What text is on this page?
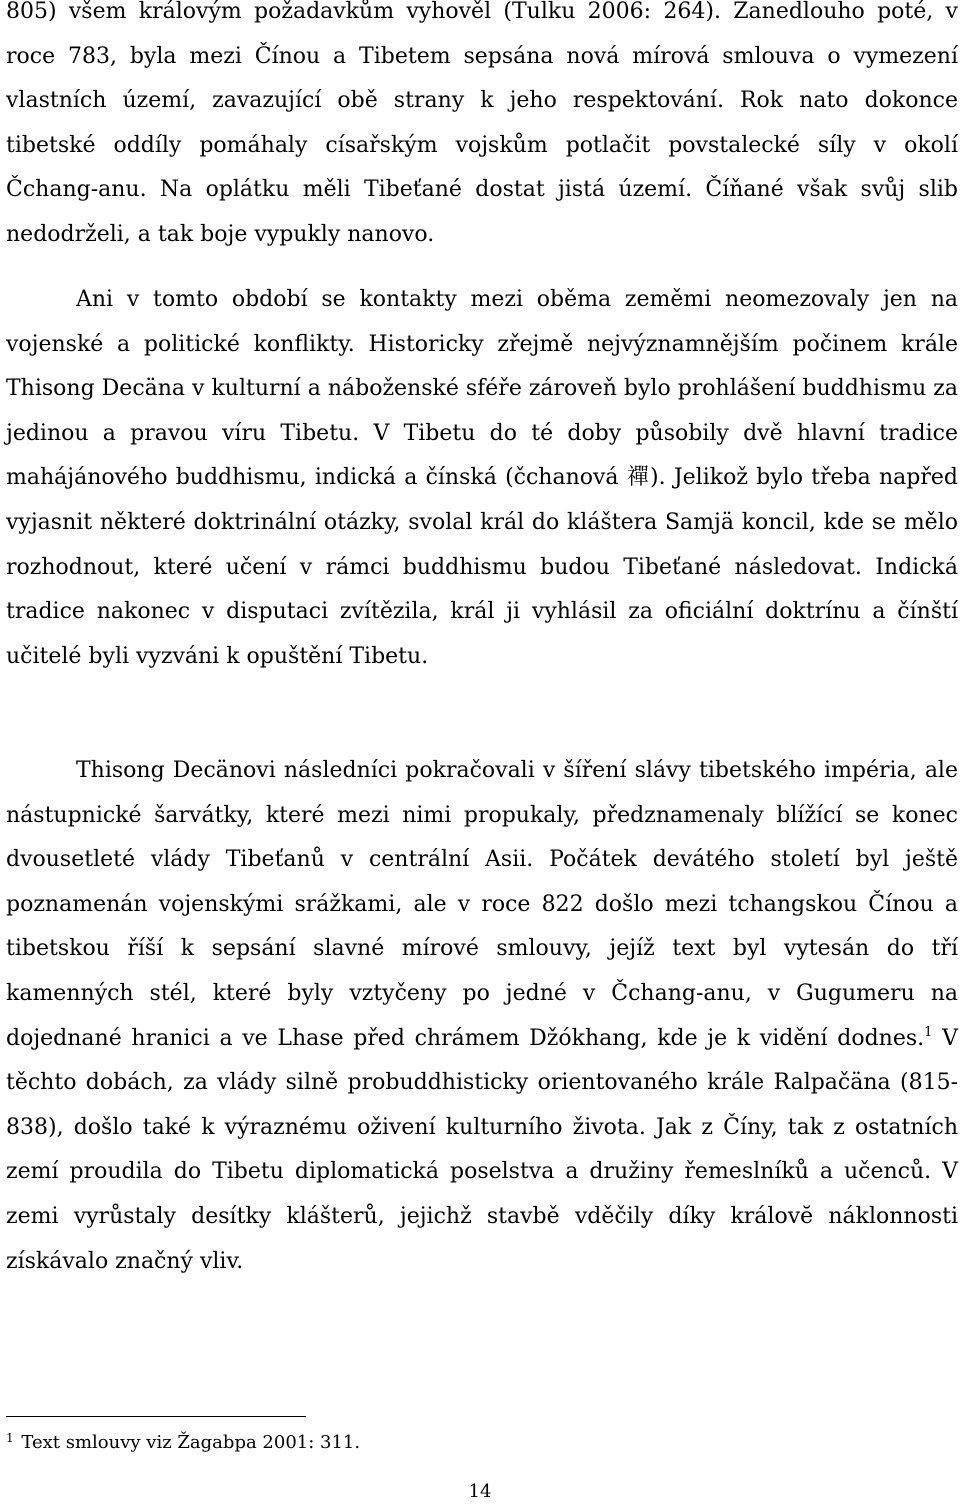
805) všem královým požadavkům vyhověl (Tulku 2006: 264). Zanedlouho poté, v roce 783, byla mezi Čínou a Tibetem sepsána nová mírová smlouva o vymezení vlastních území, zavazující obě strany k jeho respektování. Rok nato dokonce tibetské oddíly pomáhaly císařským vojskům potlačit povstalecké síly v okolí Čchang-anu. Na oplátku měli Tibeťané dostat jistá území. Číňané však svůj slib nedodrželi, a tak boje vypukly nanovo.

Ani v tomto období se kontakty mezi oběma zeměmi neomezovaly jen na vojenské a politické konflikty. Historicky zřejmě nejvýznamnějším počinem krále Thisong Decäna v kulturní a náboženské sféře zároveň bylo prohlášení buddhismu za jedinou a pravou víru Tibetu. V Tibetu do té doby působily dvě hlavní tradice mahájánového buddhismu, indická a čínská (čchanová 禪). Jelikož bylo třeba napřed vyjasnit některé doktrinální otázky, svolal král do kláštera Samjä koncil, kde se mělo rozhodnout, které učení v rámci buddhismu budou Tibeťané následovat. Indická tradice nakonec v disputaci zvítězila, král ji vyhlásil za oficiální doktrínu a čínští učitelé byli vyzváni k opuštění Tibetu.

Thisong Decänovi následníci pokračovali v šíření slávy tibetského impéria, ale nástupnické šarvátky, které mezi nimi propukaly, předznamenaly blížící se konec dvousetleté vlády Tibeťanů v centrální Asii. Počátek devátého století byl ještě poznamenán vojenskými srážkami, ale v roce 822 došlo mezi tchangskou Čínou a tibetskou říší k sepsání slavné mírové smlouvy, jejíž text byl vytesán do tří kamenných stél, které byly vztyčeny po jedné v Čchang-anu, v Gugumeru na dojednané hranici a ve Lhase před chrámem Džókhang, kde je k vidění dodnes.$^1$ V těchto dobách, za vlády silně probuddhisticky orientovaného krále Ralpačäna (815-838), došlo také k výraznému oživení kulturního života. Jak z Číny, tak z ostatních zemí proudila do Tibetu diplomatická poselstva a družiny řemeslníků a učenců. V zemi vyrůstaly desítky klášterů, jejichž stavbě vděčily díky královĕ náklonnosti získávalo značný vliv.

$^1$ Text smlouvy viz Žagabpa 2001: 311.
14
